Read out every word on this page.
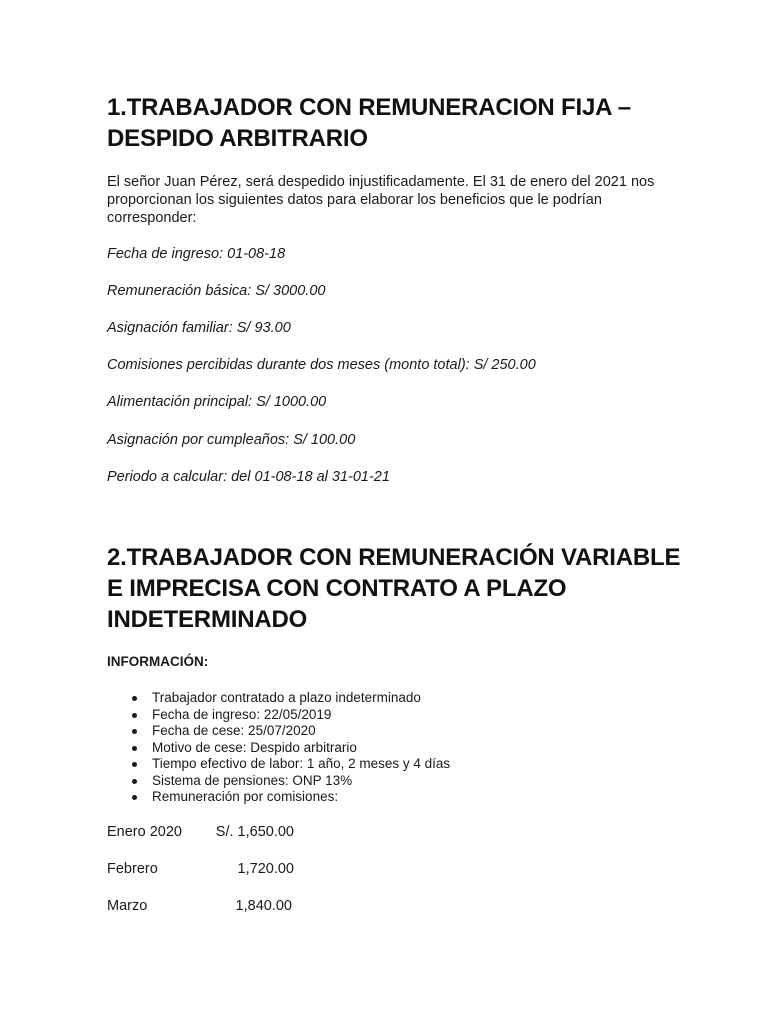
1.TRABAJADOR CON REMUNERACION FIJA – DESPIDO ARBITRARIO

El señor Juan Pérez, será despedido injustificadamente. El 31 de enero del 2021 nos proporcionan los siguientes datos para elaborar los beneficios que le podrían corresponder:

Fecha de ingreso: 01-08-18

Remuneración básica: S/ 3000.00

Asignación familiar: S/ 93.00

Comisiones percibidas durante dos meses (monto total): S/ 250.00

Alimentación principal: S/ 1000.00

Asignación por cumpleaños: S/ 100.00

Periodo a calcular: del 01-08-18 al 31-01-21

2.TRABAJADOR CON REMUNERACIÓN VARIABLE E IMPRECISA CON CONTRATO A PLAZO INDETERMINADO

INFORMACIÓN:

Trabajador contratado a plazo indeterminado
Fecha de ingreso: 22/05/2019
Fecha de cese: 25/07/2020
Motivo de cese: Despido arbitrario
Tiempo efectivo de labor: 1 año, 2 meses y 4 días
Sistema de pensiones: ONP 13%
Remuneración por comisiones:
Enero 2020 S/. 1,650.00
Febrero	1,720.00
Marzo	1,840.00
